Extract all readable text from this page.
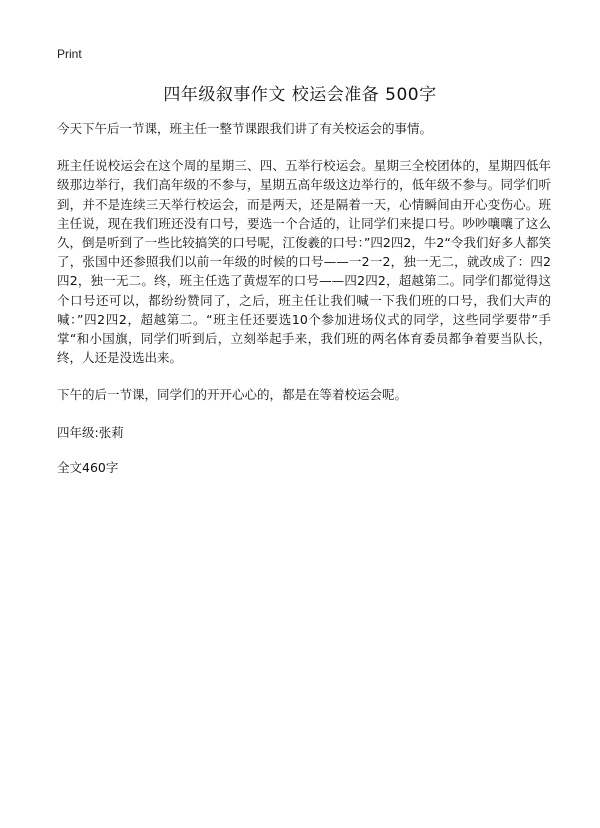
Print
四年级叙事作文 校运会准备 500字

今天下午后一节课，班主任一整节课跟我们讲了有关校运会的事情。

班主任说校运会在这个周的星期三、四、五举行校运会。星期三全校团体的，星期四低年级那边举行，我们高年级的不参与，星期五高年级这边举行的，低年级不参与。同学们听到，并不是连续三天举行校运会，而是两天，还是隔着一天，心情瞬间由开心变伤心。班主任说，现在我们班还没有口号，要选一个合适的，让同学们来提口号。吵吵嚷嚷了这么久，倒是听到了一些比较搞笑的口号呢，江俊羲的口号：”四2四2，牛2“令我们好多人都笑了，张国中还参照我们以前一年级的时候的口号——一2一2，独一无二，就改成了：四2四2，独一无二。终，班主任选了黄煜军的口号——四2四2，超越第二。同学们都觉得这个口号还可以，都纷纷赞同了，之后，班主任让我们喊一下我们班的口号，我们大声的喊：”四2四2，超越第二。“班主任还要选10个参加进场仪式的同学，这些同学要带”手掌“和小国旗，同学们听到后，立刻举起手来，我们班的两名体育委员都争着要当队长，终，人还是没选出来。

下午的后一节课，同学们的开开心心的，都是在等着校运会呢。

四年级:张莉

全文460字
